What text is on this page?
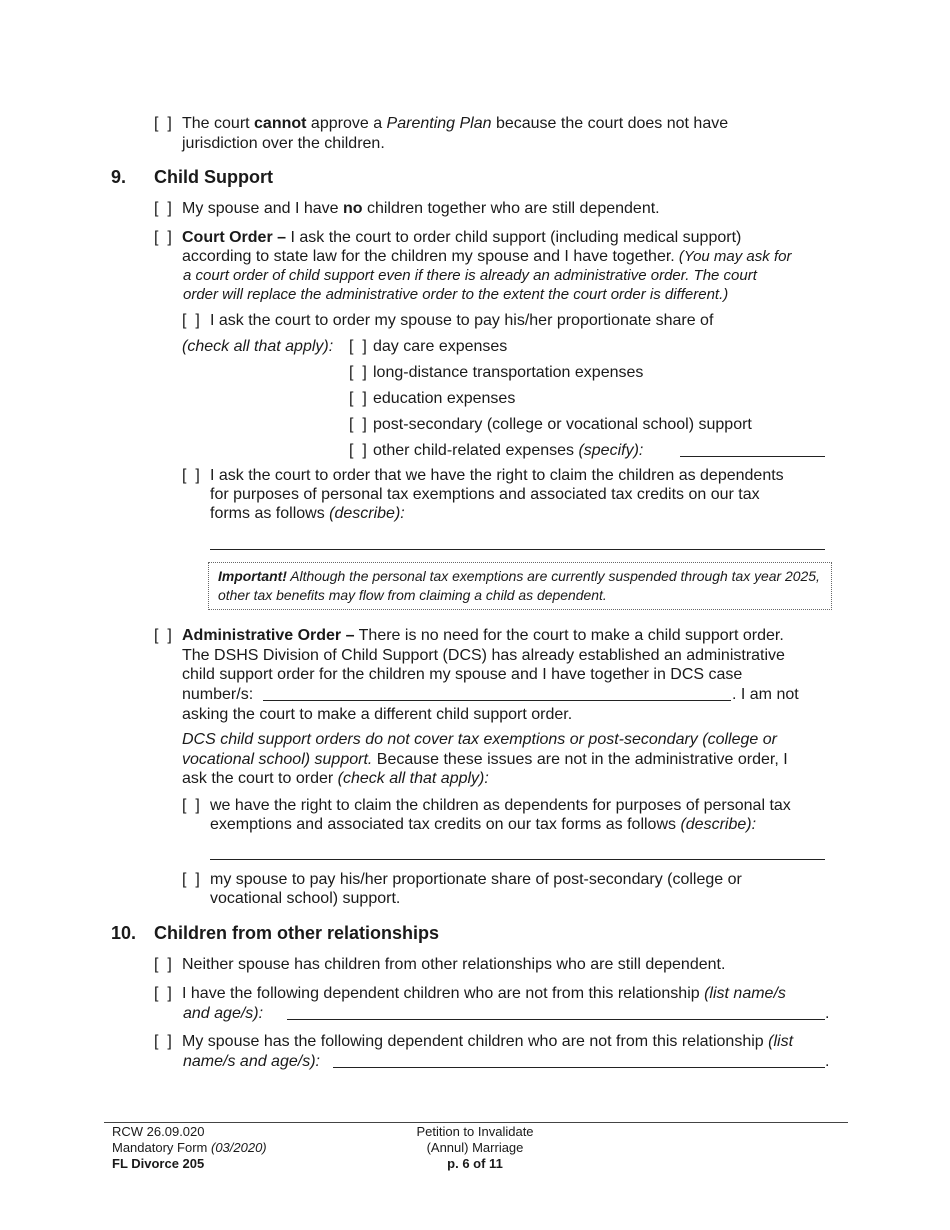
[  ] The court cannot approve a Parenting Plan because the court does not have
jurisdiction over the children.
9. Child Support
[  ] My spouse and I have no children together who are still dependent.
[  ] Court Order – I ask the court to order child support (including medical support)
according to state law for the children my spouse and I have together. (You may ask for
a court order of child support even if there is already an administrative order. The court
order will replace the administrative order to the extent the court order is different.)
[  ] I ask the court to order my spouse to pay his/her proportionate share of
(check all that apply): [  ] day care expenses
[  ] long-distance transportation expenses
[  ] education expenses
[  ] post-secondary (college or vocational school) support
[  ] other child-related expenses (specify):
[  ] I ask the court to order that we have the right to claim the children as dependents
for purposes of personal tax exemptions and associated tax credits on our tax
forms as follows (describe):
Important! Although the personal tax exemptions are currently suspended through tax year 2025,
other tax benefits may flow from claiming a child as dependent.
[  ] Administrative Order – There is no need for the court to make a child support order.
The DSHS Division of Child Support (DCS) has already established an administrative
child support order for the children my spouse and I have together in DCS case
number/s:	. I am not
asking the court to make a different child support order.
DCS child support orders do not cover tax exemptions or post-secondary (college or
vocational school) support. Because these issues are not in the administrative order, I
ask the court to order (check all that apply):
[  ] we have the right to claim the children as dependents for purposes of personal tax
exemptions and associated tax credits on our tax forms as follows (describe):
[  ] my spouse to pay his/her proportionate share of post-secondary (college or
vocational school) support.
10. Children from other relationships
[  ] Neither spouse has children from other relationships who are still dependent.
[  ] I have the following dependent children who are not from this relationship (list name/s
and age/s):	.
[  ] My spouse has the following dependent children who are not from this relationship (list
name/s and age/s):	.
RCW 26.09.020
Mandatory Form (03/2020)
FL Divorce 205
Petition to Invalidate
(Annul) Marriage
p. 6 of 11
